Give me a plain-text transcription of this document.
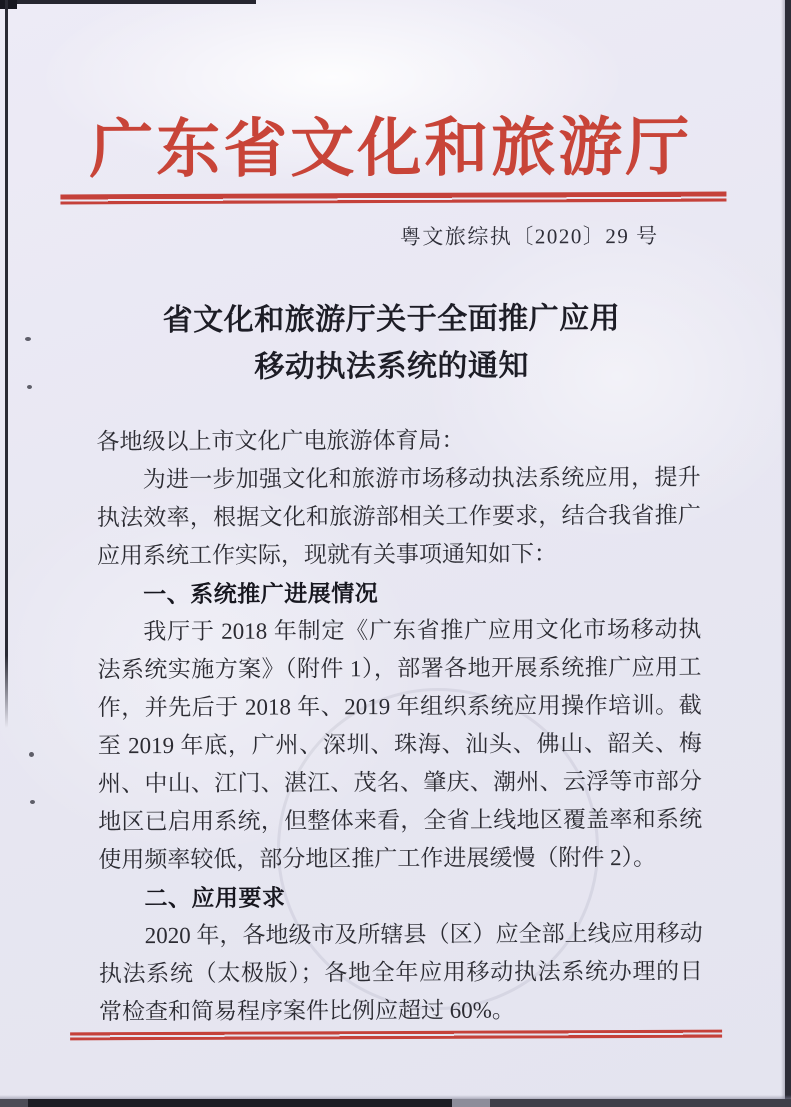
广东省文化和旅游厅

粤文旅综执〔2020〕29 号

省文化和旅游厅关于全面推广应用
移动执法系统的通知

各地级以上市文化广电旅游体育局：

为进一步加强文化和旅游市场移动执法系统应用，提升执法效率，根据文化和旅游部相关工作要求，结合我省推广应用系统工作实际，现就有关事项通知如下：

一、系统推广进展情况

我厅于 2018 年制定《广东省推广应用文化市场移动执法系统实施方案》（附件 1），部署各地开展系统推广应用工作，并先后于 2018 年、2019 年组织系统应用操作培训。截至 2019 年底，广州、深圳、珠海、汕头、佛山、韶关、梅州、中山、江门、湛江、茂名、肇庆、潮州、云浮等市部分地区已启用系统，但整体来看，全省上线地区覆盖率和系统使用频率较低，部分地区推广工作进展缓慢（附件 2）。

二、应用要求

2020 年，各地级市及所辖县（区）应全部上线应用移动执法系统（太极版）；各地全年应用移动执法系统办理的日常检查和简易程序案件比例应超过 60%。
